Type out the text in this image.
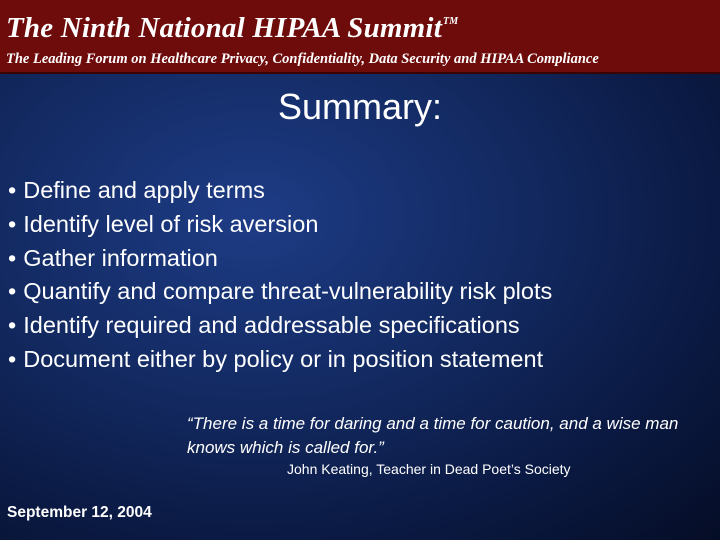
The Ninth National HIPAA Summit™
The Leading Forum on Healthcare Privacy, Confidentiality, Data Security and HIPAA Compliance
Summary:
• Define and apply terms
• Identify level of risk aversion
• Gather information
• Quantify and compare threat-vulnerability risk plots
• Identify required and addressable specifications
• Document either by policy or in position statement
“There is a time for daring and a time for caution, and a wise man knows which is called for.”
John Keating, Teacher in Dead Poet’s Society
September 12, 2004
